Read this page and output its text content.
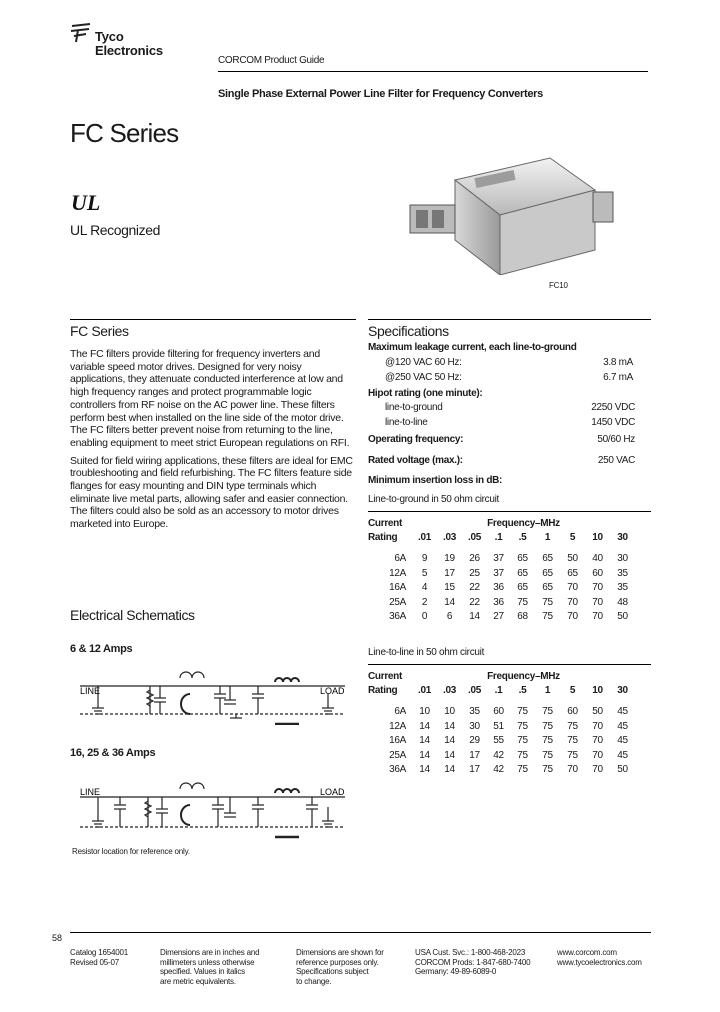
Tyco
Electronics
CORCOM Product Guide
Single Phase External Power Line Filter for Frequency Converters
FC Series
UL
UL Recognized
FC10
FC Series

The FC filters provide filtering for frequency inverters and variable speed motor drives. Designed for very noisy applications, they attenuate conducted interference at low and high frequency ranges and protect programmable logic controllers from RF noise on the AC power line. These filters perform best when installed on the line side of the motor drive. The FC filters better prevent noise from returning to the line, enabling equipment to meet strict European regulations on RFI.

Suited for field wiring applications, these filters are ideal for EMC troubleshooting and field refurbishing. The FC filters feature side flanges for easy mounting and DIN type terminals which eliminate live metal parts, allowing safer and easier connection. The filters could also be sold as an accessory to motor drives marketed into Europe.

Electrical Schematics
6 & 12 Amps
LINE	LOAD
16, 25 & 36 Amps
LINE	LOAD
Resistor location for reference only.
Specifications
Maximum leakage current, each line-to-ground
@120 VAC 60 Hz:	3.8 mA
@250 VAC 50 Hz:	6.7 mA
Hipot rating (one minute):
line-to-ground	2250 VDC
line-to-line	1450 VDC
Operating frequency:	50/60 Hz
Rated voltage (max.):	250 VAC
Minimum insertion loss in dB:
Line-to-ground in 50 ohm circuit
Current	Frequency–MHz								
Rating	.01	.03	.05	.1	.5	1	5	10	30

6A	9	19	26	37	65	65	50	40	30
12A	5	17	25	37	65	65	65	60	35
16A	4	15	22	36	65	65	70	70	35
25A	2	14	22	36	75	75	70	70	48
36A	0	6	14	27	68	75	70	70	50
Line-to-line in 50 ohm circuit
Current	Frequency–MHz								
Rating	.01	.03	.05	.1	.5	1	5	10	30

6A	10	10	35	60	75	75	60	50	45
12A	14	14	30	51	75	75	75	70	45
16A	14	14	29	55	75	75	75	70	45
25A	14	14	17	42	75	75	75	70	45
36A	14	14	17	42	75	75	70	70	50
58
Catalog 1654001
Revised 05-07
Dimensions are in inches and
millimeters unless otherwise
specified. Values in italics
are metric equivalents.
Dimensions are shown for
reference purposes only.
Specifications subject
to change.
USA Cust. Svc.: 1-800-468-2023
CORCOM Prods: 1-847-680-7400
Germany: 49-89-6089-0
www.corcom.com
www.tycoelectronics.com
